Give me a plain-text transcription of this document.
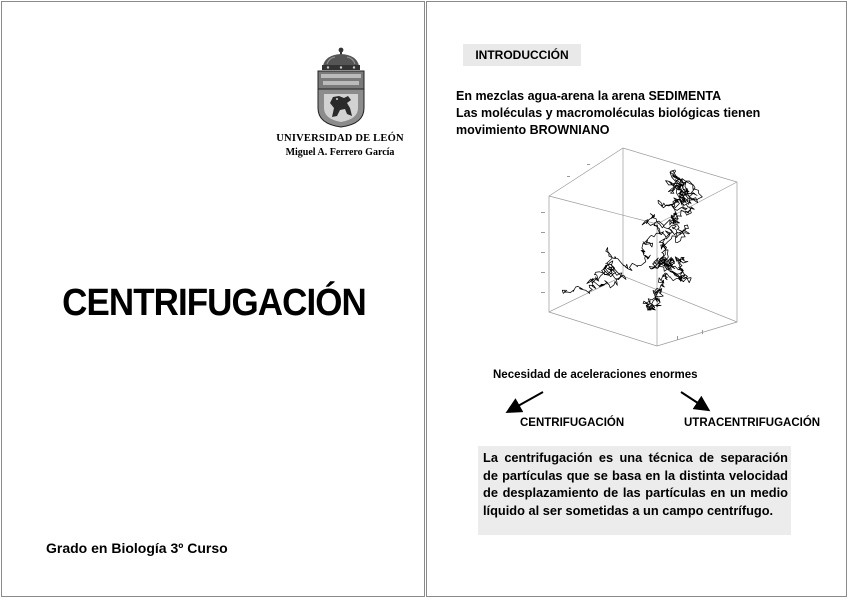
UNIVERSIDAD DE LEÓN
Miguel A. Ferrero García
CENTRIFUGACIÓN
Grado en Biología 3º Curso
INTRODUCCIÓN
En mezclas agua-arena la arena SEDIMENTA
Las moléculas y macromoléculas biológicas tienen
movimiento BROWNIANO
Necesidad de aceleraciones enormes
CENTRIFUGACIÓN	UTRACENTRIFUGACIÓN

La centrifugación es una técnica de separación de partículas que se basa en la distinta velocidad de desplazamiento de las partículas en un medio líquido al ser sometidas a un campo centrífugo.
